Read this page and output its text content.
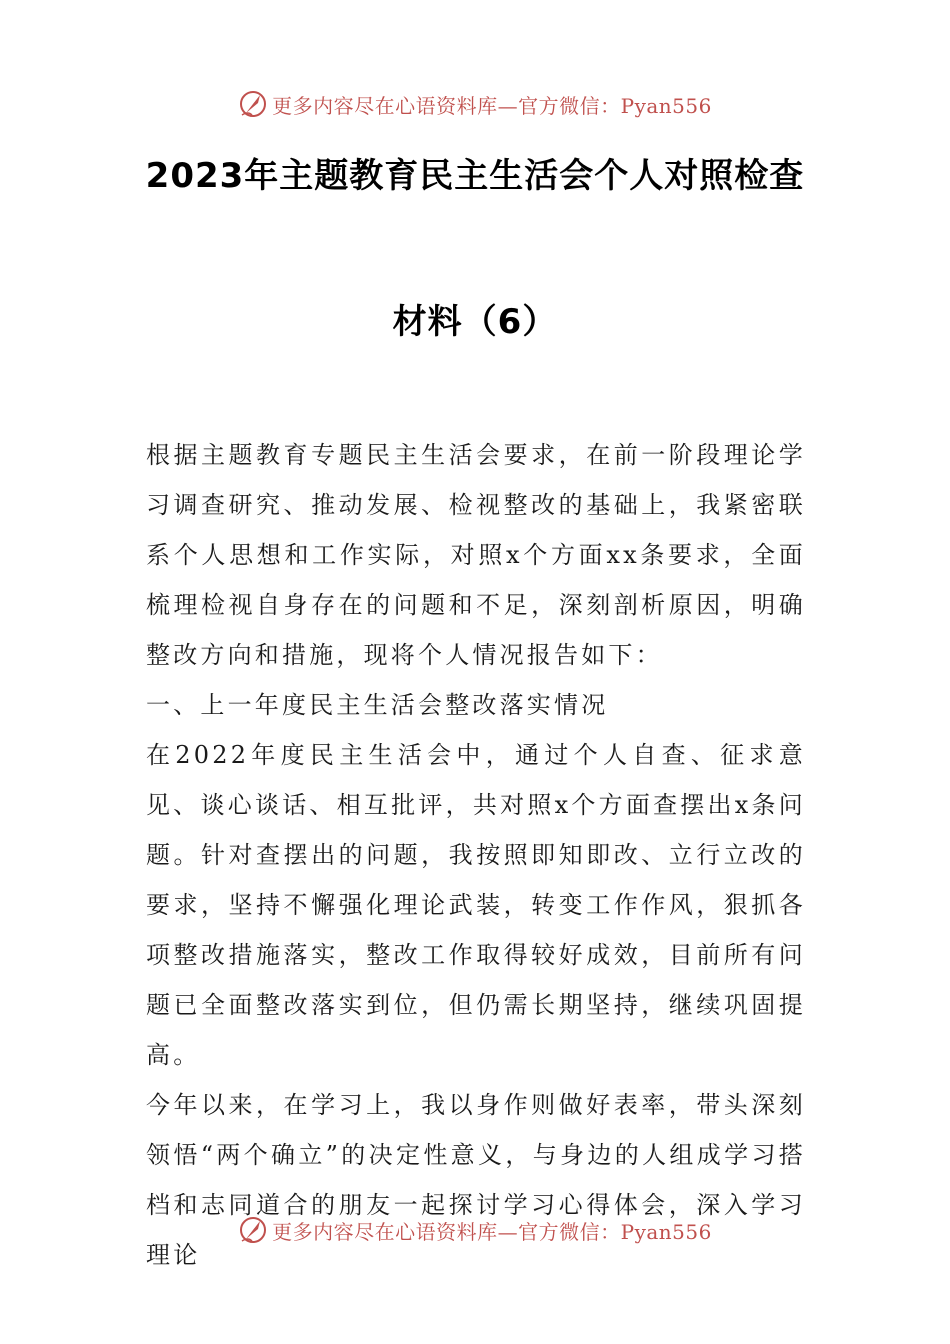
更多内容尽在心语资料库—官方微信：Pyan556
2023年主题教育民主生活会个人对照检查
材料（6）

根据主题教育专题民主生活会要求，在前一阶段理论学习调查研究、推动发展、检视整改的基础上，我紧密联系个人思想和工作实际，对照x个方面xx条要求，全面梳理检视自身存在的问题和不足，深刻剖析原因，明确整改方向和措施，现将个人情况报告如下：

一、上一年度民主生活会整改落实情况

在2022年度民主生活会中，通过个人自查、征求意见、谈心谈话、相互批评，共对照x个方面查摆出x条问题。针对查摆出的问题，我按照即知即改、立行立改的要求，坚持不懈强化理论武装，转变工作作风，狠抓各项整改措施落实，整改工作取得较好成效，目前所有问题已全面整改落实到位，但仍需长期坚持，继续巩固提高。

今年以来，在学习上，我以身作则做好表率，带头深刻领悟“两个确立”的决定性意义，与身边的人组成学习搭档和志同道合的朋友一起探讨学习心得体会，深入学习理论

更多内容尽在心语资料库—官方微信：Pyan556
